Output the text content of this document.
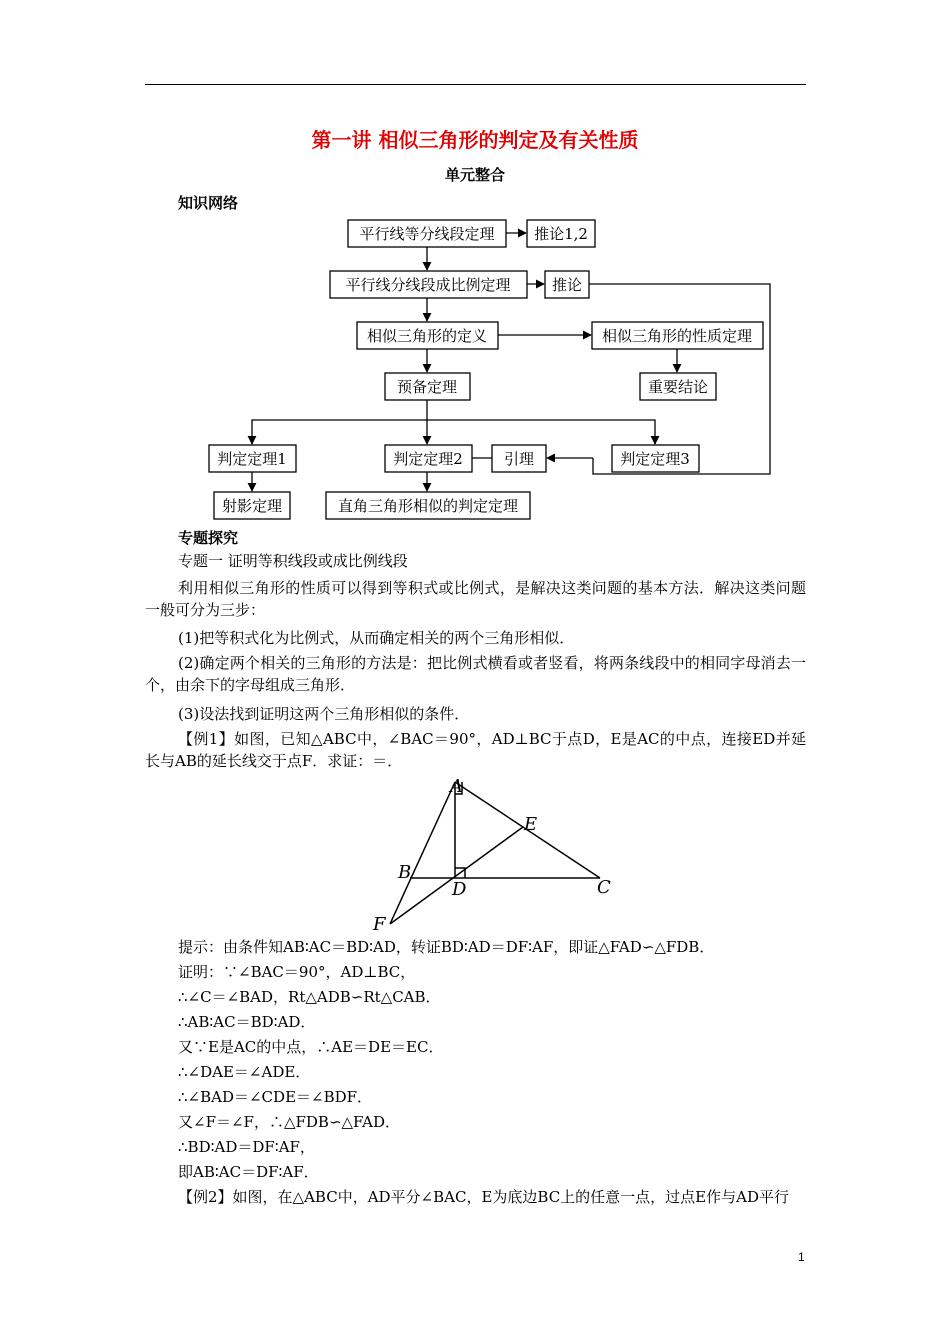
第一讲 相似三角形的判定及有关性质
单元整合
知识网络
平行线等分线段定理	推论1,2
平行线分线段成比例定理	推论
相似三角形的定义	相似三角形的性质定理
预备定理	重要结论
判定定理1	判定定理2	引理	判定定理3
射影定理	直角三角形相似的判定定理
专题探究
专题一 证明等积线段或成比例线段
利用相似三角形的性质可以得到等积式或比例式，是解决这类问题的基本方法．解决这类问题一般可分为三步：
(1)把等积式化为比例式，从而确定相关的两个三角形相似．
(2)确定两个相关的三角形的方法是：把比例式横看或者竖看，将两条线段中的相同字母消去一个，由余下的字母组成三角形．
(3)设法找到证明这两个三角形相似的条件．
【例1】如图，已知△ABC中，∠BAC＝90°，AD⊥BC于点D，E是AC的中点，连接ED并延长与AB的延长线交于点F．求证：＝．
A
B
C
D
E
F
提示：由条件知AB∶AC＝BD∶AD，转证BD∶AD＝DF∶AF，即证△FAD∽△FDB．
证明：∵∠BAC＝90°，AD⊥BC，
∴∠C＝∠BAD，Rt△ADB∽Rt△CAB．
∴AB∶AC＝BD∶AD．
又∵E是AC的中点，∴AE＝DE＝EC．
∴∠DAE＝∠ADE．
∴∠BAD＝∠CDE＝∠BDF．
又∠F＝∠F，∴△FDB∽△FAD．
∴BD∶AD＝DF∶AF，
即AB∶AC＝DF∶AF．
【例2】如图，在△ABC中，AD平分∠BAC，E为底边BC上的任意一点，过点E作与AD平行
1
